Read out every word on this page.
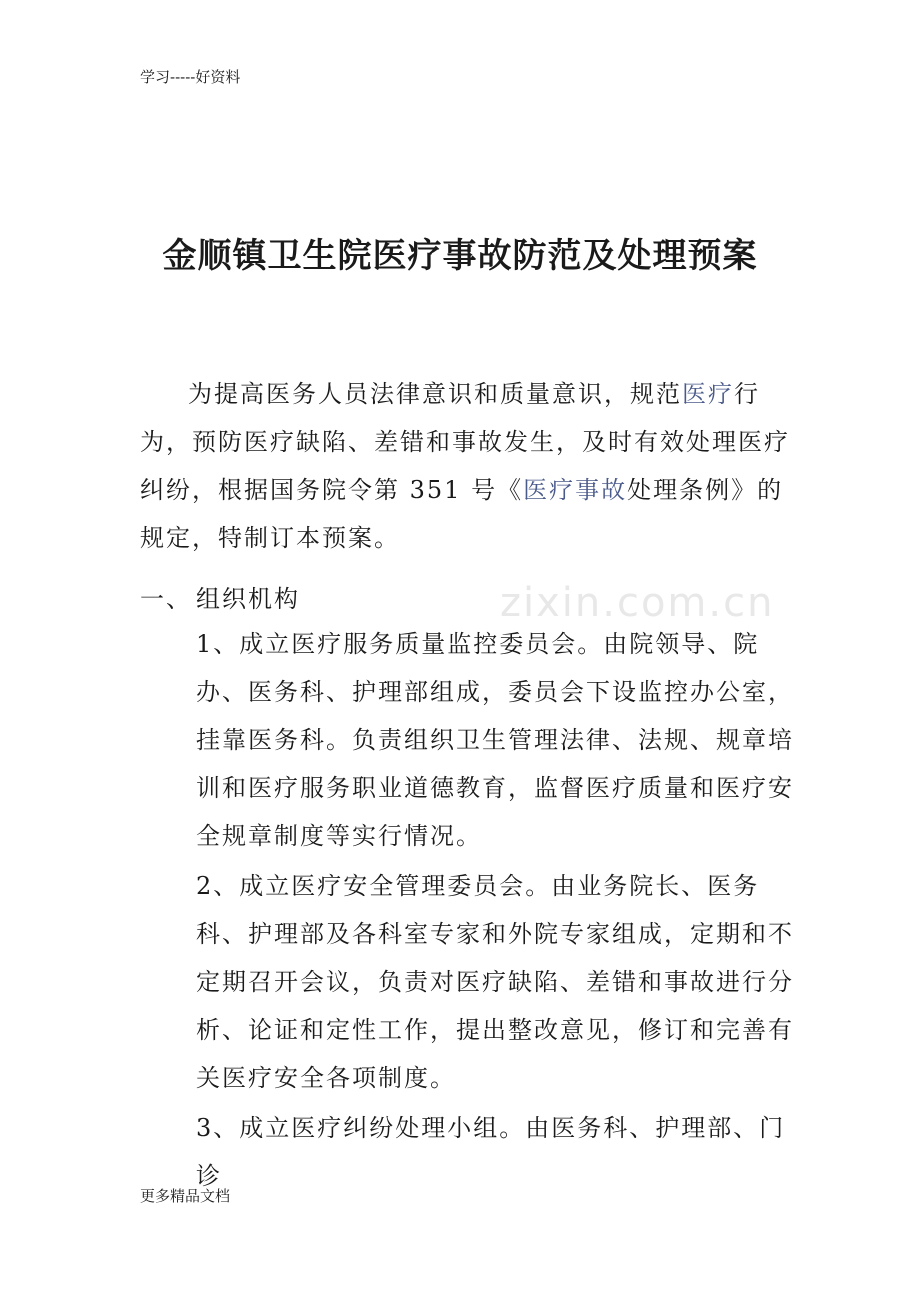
学习-----好资料
zixin.com.cn
金顺镇卫生院医疗事故防范及处理预案
为提高医务人员法律意识和质量意识，规范医疗行为，预防医疗缺陷、差错和事故发生，及时有效处理医疗纠纷，根据国务院令第 351 号《医疗事故处理条例》的规定，特制订本预案。
一、 组织机构
1、成立医疗服务质量监控委员会。由院领导、院办、医务科、护理部组成，委员会下设监控办公室，挂靠医务科。负责组织卫生管理法律、法规、规章培训和医疗服务职业道德教育，监督医疗质量和医疗安全规章制度等实行情况。
2、成立医疗安全管理委员会。由业务院长、医务科、护理部及各科室专家和外院专家组成，定期和不定期召开会议，负责对医疗缺陷、差错和事故进行分析、论证和定性工作，提出整改意见，修订和完善有关医疗安全各项制度。
3、成立医疗纠纷处理小组。由医务科、护理部、门诊
更多精品文档
